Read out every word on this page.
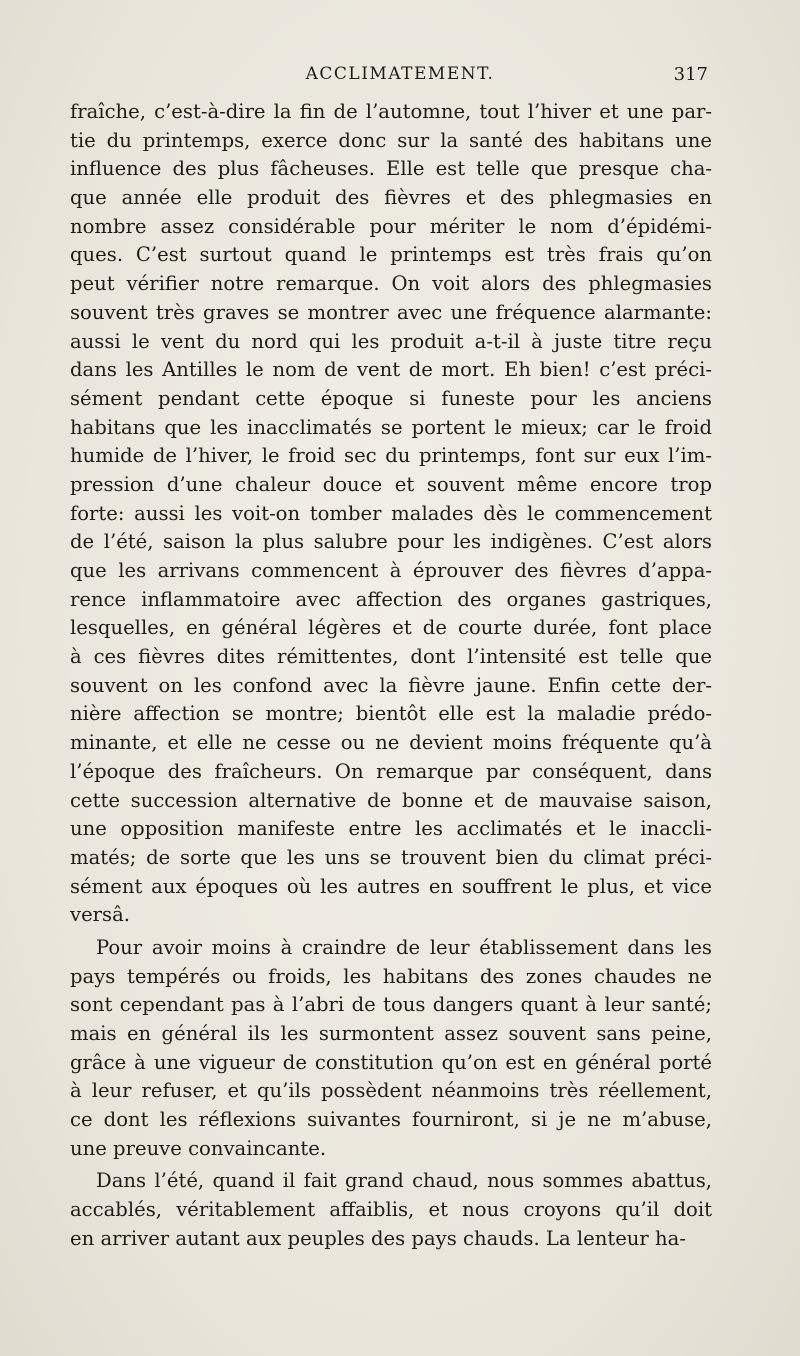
ACCLIMATEMENT.	317
fraîche, c’est-à-dire la fin de l’automne, tout l’hiver et une par-
tie du printemps, exerce donc sur la santé des habitans une
influence des plus fâcheuses. Elle est telle que presque cha-
que année elle produit des fièvres et des phlegmasies en
nombre assez considérable pour mériter le nom d’épidémi-
ques. C’est surtout quand le printemps est très frais qu’on
peut vérifier notre remarque. On voit alors des phlegmasies
souvent très graves se montrer avec une fréquence alarmante:
aussi le vent du nord qui les produit a-t-il à juste titre reçu
dans les Antilles le nom de vent de mort. Eh bien! c’est préci-
sément pendant cette époque si funeste pour les anciens
habitans que les inacclimatés se portent le mieux; car le froid
humide de l’hiver, le froid sec du printemps, font sur eux l’im-
pression d’une chaleur douce et souvent même encore trop
forte: aussi les voit-on tomber malades dès le commencement
de l’été, saison la plus salubre pour les indigènes. C’est alors
que les arrivans commencent à éprouver des fièvres d’appa-
rence inflammatoire avec affection des organes gastriques,
lesquelles, en général légères et de courte durée, font place
à ces fièvres dites rémittentes, dont l’intensité est telle que
souvent on les confond avec la fièvre jaune. Enfin cette der-
nière affection se montre; bientôt elle est la maladie prédo-
minante, et elle ne cesse ou ne devient moins fréquente qu’à
l’époque des fraîcheurs. On remarque par conséquent, dans
cette succession alternative de bonne et de mauvaise saison,
une opposition manifeste entre les acclimatés et le inaccli-
matés; de sorte que les uns se trouvent bien du climat préci-
sément aux époques où les autres en souffrent le plus, et vice
versâ.
Pour avoir moins à craindre de leur établissement dans les
pays tempérés ou froids, les habitans des zones chaudes ne
sont cependant pas à l’abri de tous dangers quant à leur santé;
mais en général ils les surmontent assez souvent sans peine,
grâce à une vigueur de constitution qu’on est en général porté
à leur refuser, et qu’ils possèdent néanmoins très réellement,
ce dont les réflexions suivantes fourniront, si je ne m’abuse,
une preuve convaincante.
Dans l’été, quand il fait grand chaud, nous sommes abattus,
accablés, véritablement affaiblis, et nous croyons qu’il doit
en arriver autant aux peuples des pays chauds. La lenteur ha-
